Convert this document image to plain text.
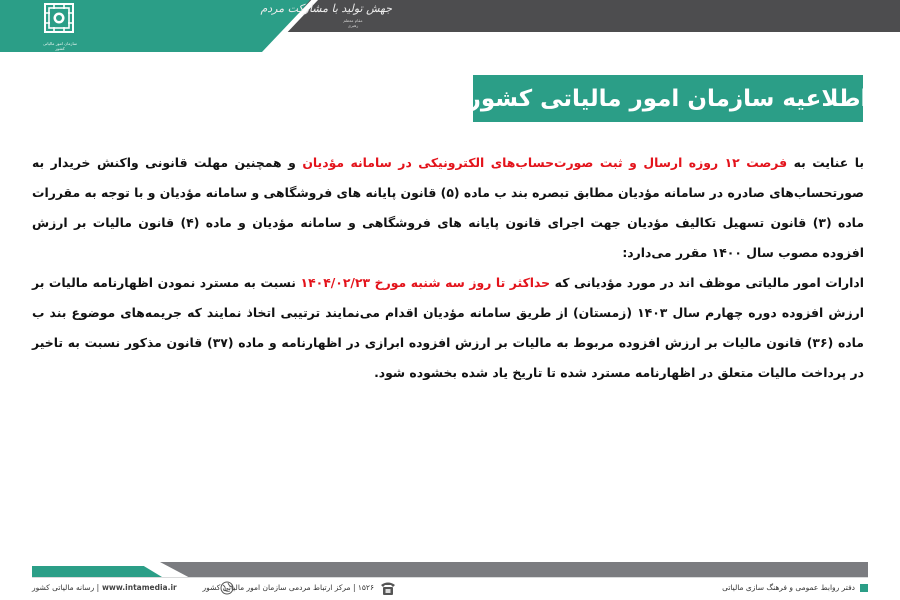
سازمان امور مالیاتی کشور
جهش تولید با مشارکت مردم
مقام معظم رهبری
اطلاعیه سازمان امور مالیاتی کشور

با عنایت به فرصت ۱۲ روزه ارسال و ثبت صورت‌حساب‌های الکترونیکی در سامانه مؤدیان و همچنین مهلت قانونی واکنش خریدار به صورتحساب‌های صادره در سامانه مؤدیان مطابق تبصره بند ب ماده (۵) قانون پایانه های فروشگاهی و سامانه مؤدیان و با توجه به مقررات ماده (۳) قانون تسهیل تکالیف مؤدیان جهت اجرای قانون پایانه های فروشگاهی و سامانه مؤدیان و ماده (۴) قانون مالیات بر ارزش افزوده مصوب سال ۱۴۰۰ مقرر می‌دارد:

ادارات امور مالیاتی موظف اند در مورد مؤدیانی که حداکثر تا روز سه شنبه مورخ ۱۴۰۴/۰۲/۲۳ نسبت به مسترد نمودن اظهارنامه مالیات بر ارزش افزوده دوره چهارم سال ۱۴۰۳ (زمستان) از طریق سامانه مؤدیان اقدام می‌نمایند ترتیبی اتخاذ نمایند که جریمه‌های موضوع بند ب ماده (۳۶) قانون مالیات بر ارزش افزوده مربوط به مالیات بر ارزش افزوده ابرازی در اظهارنامه و ماده (۳۷) قانون مذکور نسبت به تاخیر در پرداخت مالیات متعلق در اظهارنامه مسترد شده تا تاریخ یاد شده بخشوده شود.

دفتر روابط عمومی و فرهنگ سازی مالیاتی
۱۵۲۶ | مرکز ارتباط مردمی سازمان امور مالیاتی کشور
www.intamedia.ir
| رسانه مالیاتی کشور
